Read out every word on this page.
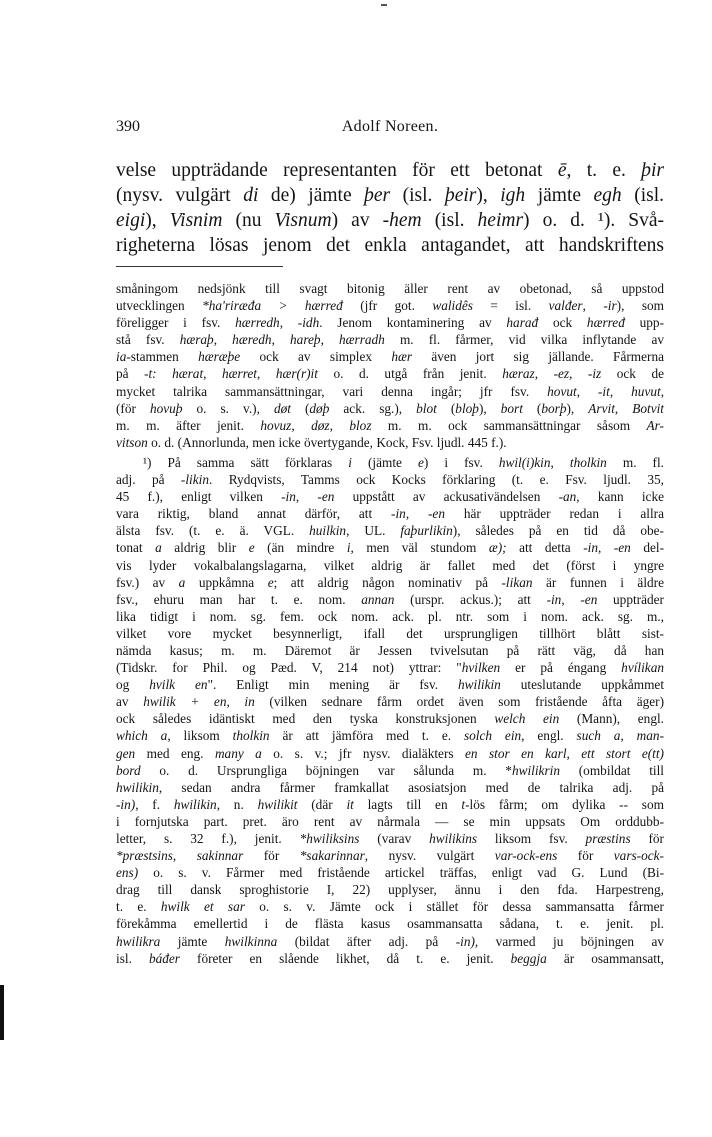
390	Adolf Noreen.
velse uppträdande representanten för ett betonat ē, t. e. þir
(nysv. vulgärt di de) jämte þer (isl. þeir), igh jämte egh (isl.
eigi), Visnim (nu Visnum) av -hem (isl. heimr) o. d. ¹). Svå-
righeterna lösas jenom det enkla antagandet, att handskriftens
småningom nedsjönk till svagt bitonig äller rent av obetonad, så uppstod
utvecklingen *ha'riræđa > hærređ (jfr got. walidês = isl. valđer, -ir), som
föreligger i fsv. hærredh, -idh. Jenom kontaminering av harađ ock hærređ upp-
stå fsv. hæraþ, hæredh, hareþ, hærradh m. fl. fårmer, vid vilka inflytande av
ia-stammen hæræþe ock av simplex hær även jort sig jällande. Fårmerna
på -t: hærat, hærret, hær(r)it o. d. utgå från jenit. hæraz, -ez, -iz ock de
mycket talrika sammansättningar, vari denna ingår; jfr fsv. hovut, -it, huvut,
(för hovuþ o. s. v.), døt (døþ ack. sg.), blot (bloþ), bort (borþ), Arvit, Botvit
m. m. äfter jenit. hovuz, døz, bloz m. m. ock sammansättningar såsom Ar-
vitson o. d. (Annorlunda, men icke övertygande, Kock, Fsv. ljudl. 445 f.).
¹) På samma sätt förklaras i (jämte e) i fsv. hwil(i)kin, tholkin m. fl.
adj. på -likin. Rydqvists, Tamms ock Kocks förklaring (t. e. Fsv. ljudl. 35,
45 f.), enligt vilken -in, -en uppstått av ackusativändelsen -an, kann icke
vara riktig, bland annat därför, att -in, -en här uppträder redan i allra
älsta fsv. (t. e. ä. VGL. huilkin, UL. faþurlikin), således på en tid då obe-
tonat a aldrig blir e (än mindre i, men väl stundom æ); att detta -in, -en del-
vis lyder vokalbalangslagarna, vilket aldrig är fallet med det (först i yngre
fsv.) av a uppkåmna e; att aldrig någon nominativ på -likan är funnen i äldre
fsv., ehuru man har t. e. nom. annan (urspr. ackus.); att -in, -en uppträder
lika tidigt i nom. sg. fem. ock nom. ack. pl. ntr. som i nom. ack. sg. m.,
vilket vore mycket besynnerligt, ifall det ursprungligen tillhört blått sist-
nämda kasus; m. m. Däremot är Jessen tvivelsutan på rätt väg, då han
(Tidskr. for Phil. og Pæd. V, 214 not) yttrar: "hvilken er på éngang hvílikan
og hvilk en". Enligt min mening är fsv. hwilikin uteslutande uppkåmmet
av hwilik + en, in (vilken sednare fårm ordet även som fristående åfta äger)
ock således idäntiskt med den tyska konstruksjonen welch ein (Mann), engl.
which a, liksom tholkin är att jämföra med t. e. solch ein, engl. such a, man-
gen med eng. many a o. s. v.; jfr nysv. dialäkters en stor en karl, ett stort e(tt)
bord o. d. Ursprungliga böjningen var sålunda m. *hwilikrin (ombildat till
hwilikin, sedan andra fårmer framkallat asosiatsjon med de talrika adj. på
-in), f. hwilikin, n. hwilikit (där it lagts till en t-lös fårm; om dylika -- som
i fornjutska part. pret. äro rent av nårmala — se min uppsats Om orddubb-
letter, s. 32 f.), jenit. *hwiliksins (varav hwilikins liksom fsv. præstins för
*præstsins, sakinnar för *sakarinnar, nysv. vulgärt var-ock-ens för vars-ock-
ens) o. s. v. Fårmer med fristående artickel träffas, enligt vad G. Lund (Bi-
drag till dansk sproghistorie I, 22) upplyser, ännu i den fda. Harpestreng,
t. e. hwilk et sar o. s. v. Jämte ock i stället för dessa sammansatta fårmer
förekåmma emellertid i de flästa kasus osammansatta sådana, t. e. jenit. pl.
hwilikra jämte hwilkinna (bildat äfter adj. på -in), varmed ju böjningen av
isl. báđer företer en slående likhet, då t. e. jenit. beggja är osammansatt,
